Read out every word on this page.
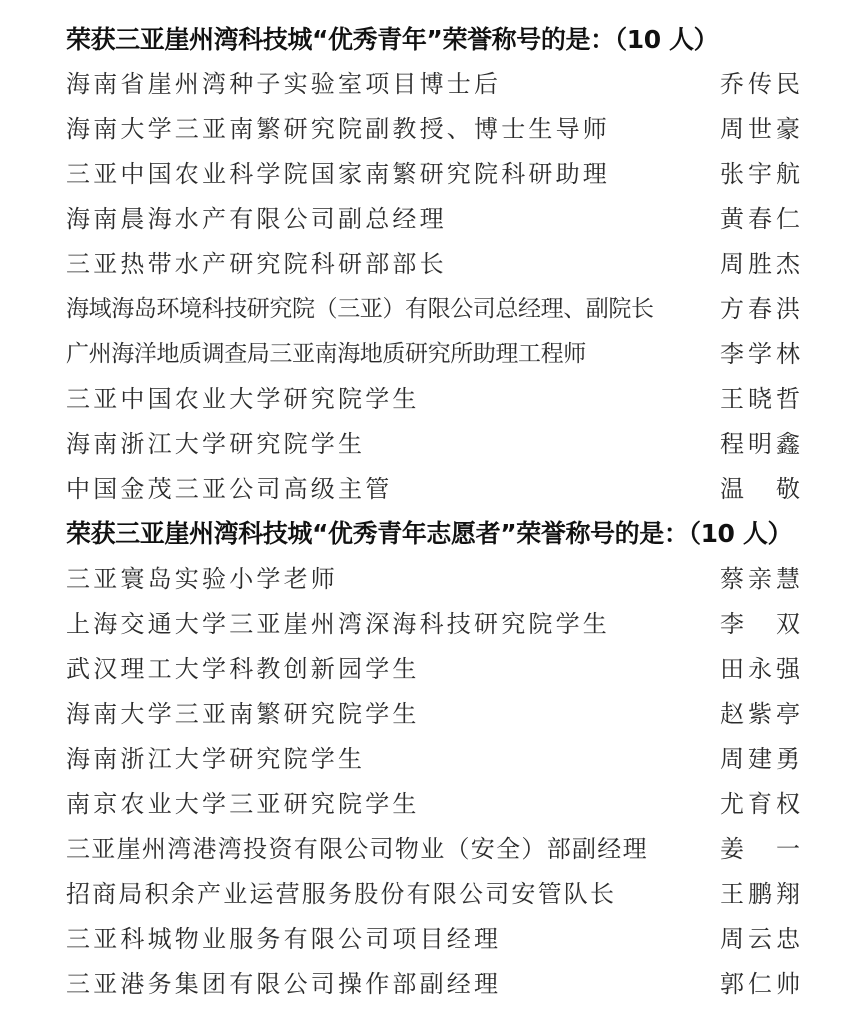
荣获三亚崖州湾科技城“优秀青年”荣誉称号的是：（10 人）
海南省崖州湾种子实验室项目博士后	乔传民
海南大学三亚南繁研究院副教授、博士生导师	周世豪
三亚中国农业科学院国家南繁研究院科研助理	张宇航
海南晨海水产有限公司副总经理	黄春仁
三亚热带水产研究院科研部部长	周胜杰
海域海岛环境科技研究院（三亚）有限公司总经理、副院长	方春洪
广州海洋地质调查局三亚南海地质研究所助理工程师	李学林
三亚中国农业大学研究院学生	王晓哲
海南浙江大学研究院学生	程明鑫
中国金茂三亚公司高级主管	温敬
荣获三亚崖州湾科技城“优秀青年志愿者”荣誉称号的是：（10 人）
三亚寰岛实验小学老师	蔡亲慧
上海交通大学三亚崖州湾深海科技研究院学生	李双
武汉理工大学科教创新园学生	田永强
海南大学三亚南繁研究院学生	赵紫亭
海南浙江大学研究院学生	周建勇
南京农业大学三亚研究院学生	尤育权
三亚崖州湾港湾投资有限公司物业（安全）部副经理	姜一
招商局积余产业运营服务股份有限公司安管队长	王鹏翔
三亚科城物业服务有限公司项目经理	周云忠
三亚港务集团有限公司操作部副经理	郭仁帅
